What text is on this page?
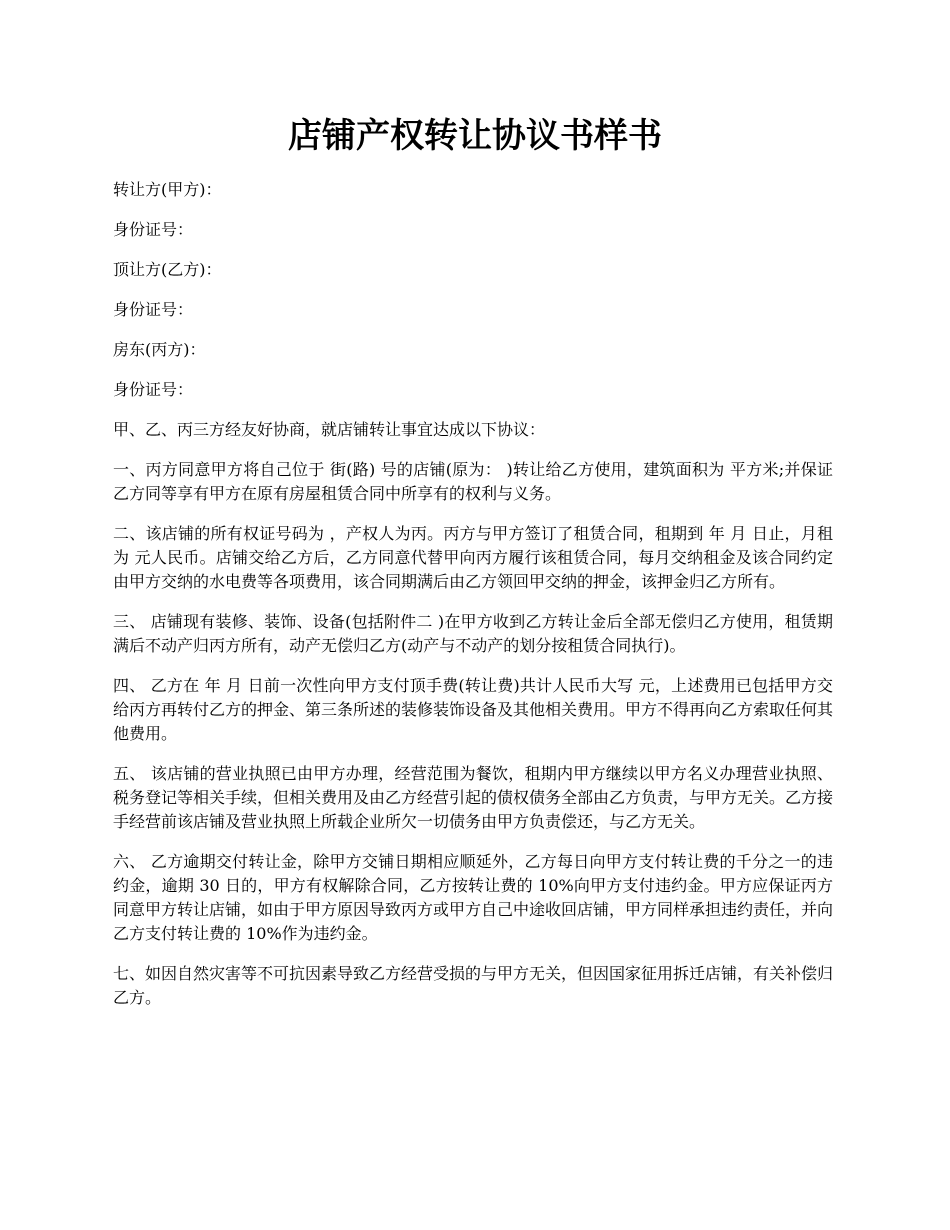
店铺产权转让协议书样书
转让方(甲方)：
身份证号：
顶让方(乙方)：
身份证号：
房东(丙方)：
身份证号：

甲、乙、丙三方经友好协商，就店铺转让事宜达成以下协议：

一、丙方同意甲方将自己位于 街(路) 号的店铺(原为： )转让给乙方使用，建筑面积为 平方米;并保证乙方同等享有甲方在原有房屋租赁合同中所享有的权利与义务。

二、该店铺的所有权证号码为 ，产权人为丙。丙方与甲方签订了租赁合同，租期到 年 月 日止，月租为 元人民币。店铺交给乙方后，乙方同意代替甲向丙方履行该租赁合同，每月交纳租金及该合同约定由甲方交纳的水电费等各项费用，该合同期满后由乙方领回甲交纳的押金，该押金归乙方所有。

三、 店铺现有装修、装饰、设备(包括附件二 )在甲方收到乙方转让金后全部无偿归乙方使用，租赁期满后不动产归丙方所有，动产无偿归乙方(动产与不动产的划分按租赁合同执行)。

四、 乙方在 年 月 日前一次性向甲方支付顶手费(转让费)共计人民币大写 元，上述费用已包括甲方交给丙方再转付乙方的押金、第三条所述的装修装饰设备及其他相关费用。甲方不得再向乙方索取任何其他费用。

五、 该店铺的营业执照已由甲方办理，经营范围为餐饮，租期内甲方继续以甲方名义办理营业执照、税务登记等相关手续，但相关费用及由乙方经营引起的债权债务全部由乙方负责，与甲方无关。乙方接手经营前该店铺及营业执照上所载企业所欠一切债务由甲方负责偿还，与乙方无关。

六、 乙方逾期交付转让金，除甲方交铺日期相应顺延外，乙方每日向甲方支付转让费的千分之一的违约金，逾期 30 日的，甲方有权解除合同，乙方按转让费的 10%向甲方支付违约金。甲方应保证丙方同意甲方转让店铺，如由于甲方原因导致丙方或甲方自己中途收回店铺，甲方同样承担违约责任，并向乙方支付转让费的 10%作为违约金。

七、如因自然灾害等不可抗因素导致乙方经营受损的与甲方无关，但因国家征用拆迁店铺，有关补偿归乙方。
